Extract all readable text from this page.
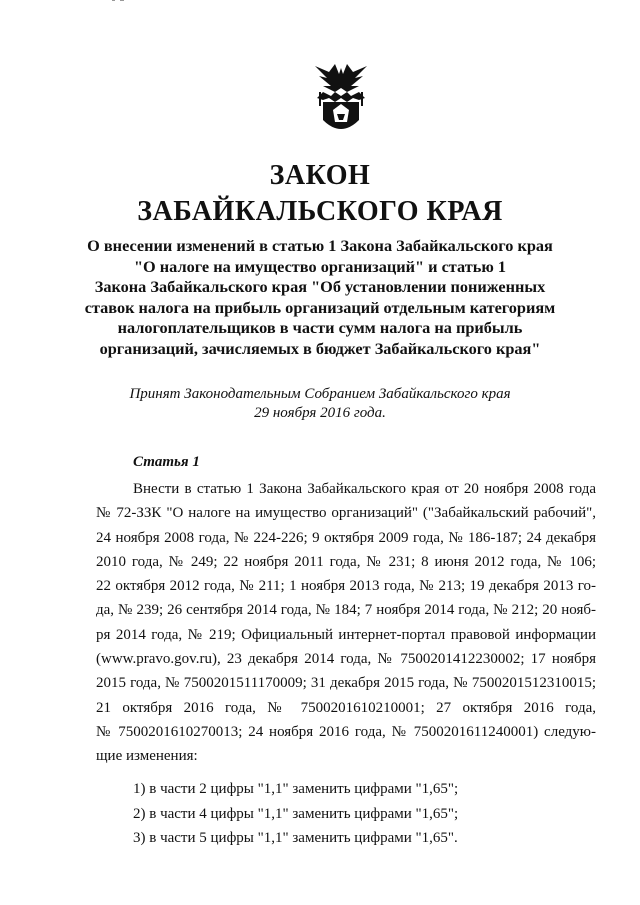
ЗАКОН
ЗАБАЙКАЛЬСКОГО КРАЯ
О внесении изменений в статью 1 Закона Забайкальского края
"О налоге на имущество организаций" и статью 1
Закона Забайкальского края "Об установлении пониженных
ставок налога на прибыль организаций отдельным категориям
налогоплательщиков в части сумм налога на прибыль
организаций, зачисляемых в бюджет Забайкальского края"
Принят Законодательным Собранием Забайкальского края
29 ноября 2016 года.
Статья 1
Внести в статью 1 Закона Забайкальского края от 20 ноября 2008 года
№ 72-ЗЗК "О налоге на имущество организаций" ("Забайкальский рабочий",
24 ноября 2008 года, № 224-226; 9 октября 2009 года, № 186-187; 24 декабря
2010 года, № 249; 22 ноября 2011 года, № 231; 8 июня 2012 года, № 106;
22 октября 2012 года, № 211; 1 ноября 2013 года, № 213; 19 декабря 2013 го-
да, № 239; 26 сентября 2014 года, № 184; 7 ноября 2014 года, № 212; 20 нояб-
ря 2014 года, № 219; Официальный интернет-портал правовой информации
(www.pravo.gov.ru), 23 декабря 2014 года, № 7500201412230002; 17 ноября
2015 года, № 7500201511170009; 31 декабря 2015 года, № 7500201512310015;
21 октября 2016 года, № 7500201610210001; 27 октября 2016 года,
№ 7500201610270013; 24 ноября 2016 года, № 7500201611240001) следую-
щие изменения:
1) в части 2 цифры "1,1" заменить цифрами "1,65";
2) в части 4 цифры "1,1" заменить цифрами "1,65";
3) в части 5 цифры "1,1" заменить цифрами "1,65".
